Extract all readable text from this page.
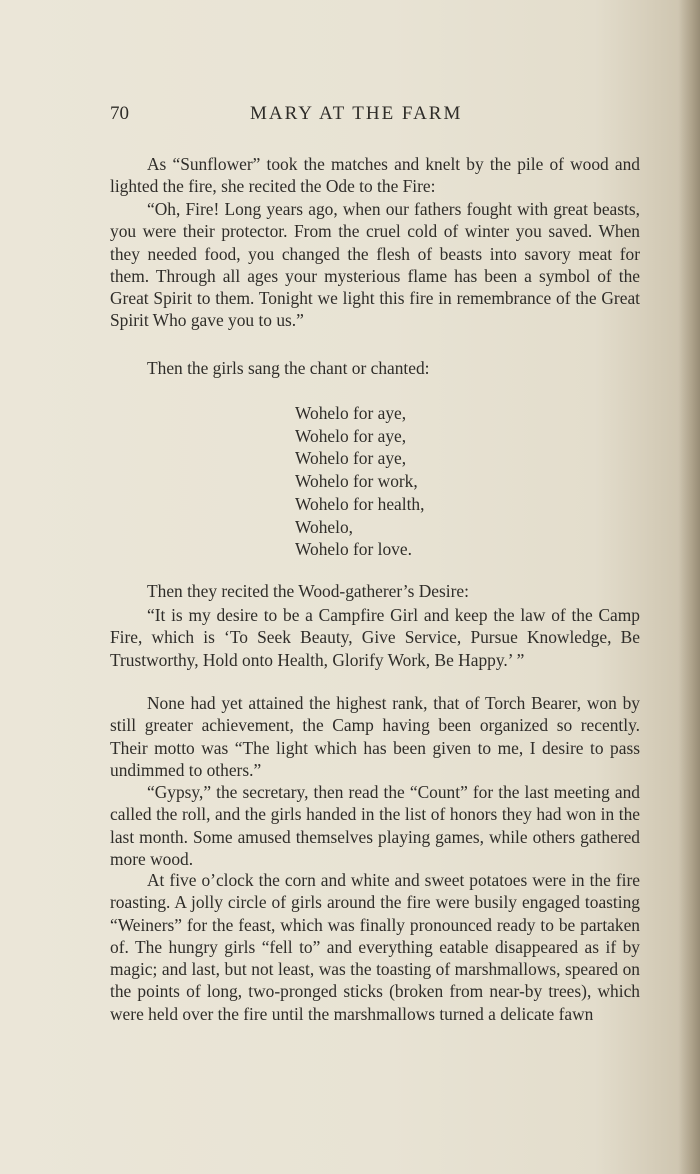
70	MARY AT THE FARM

As “Sunflower” took the matches and knelt by the pile of wood and lighted the fire, she recited the Ode to the Fire:

“Oh, Fire! Long years ago, when our fathers fought with great beasts, you were their protector. From the cruel cold of winter you saved. When they needed food, you changed the flesh of beasts into savory meat for them. Through all ages your mysterious flame has been a symbol of the Great Spirit to them. Tonight we light this fire in remembrance of the Great Spirit Who gave you to us.”

Then the girls sang the chant or chanted:

Wohelo for aye,
Wohelo for aye,
Wohelo for aye,
Wohelo for work,
Wohelo for health,
Wohelo,
Wohelo for love.

Then they recited the Wood-gatherer’s Desire:

“It is my desire to be a Campfire Girl and keep the law of the Camp Fire, which is ‘To Seek Beauty, Give Service, Pursue Knowledge, Be Trustworthy, Hold onto Health, Glorify Work, Be Happy.’ ”

None had yet attained the highest rank, that of Torch Bearer, won by still greater achievement, the Camp having been organized so recently. Their motto was “The light which has been given to me, I desire to pass undimmed to others.”

“Gypsy,” the secretary, then read the “Count” for the last meeting and called the roll, and the girls handed in the list of honors they had won in the last month. Some amused themselves playing games, while others gathered more wood.

At five o’clock the corn and white and sweet potatoes were in the fire roasting. A jolly circle of girls around the fire were busily engaged toasting “Weiners” for the feast, which was finally pronounced ready to be partaken of. The hungry girls “fell to” and everything eatable disappeared as if by magic; and last, but not least, was the toasting of marshmallows, speared on the points of long, two-pronged sticks (broken from near-by trees), which were held over the fire until the marshmallows turned a delicate fawn
